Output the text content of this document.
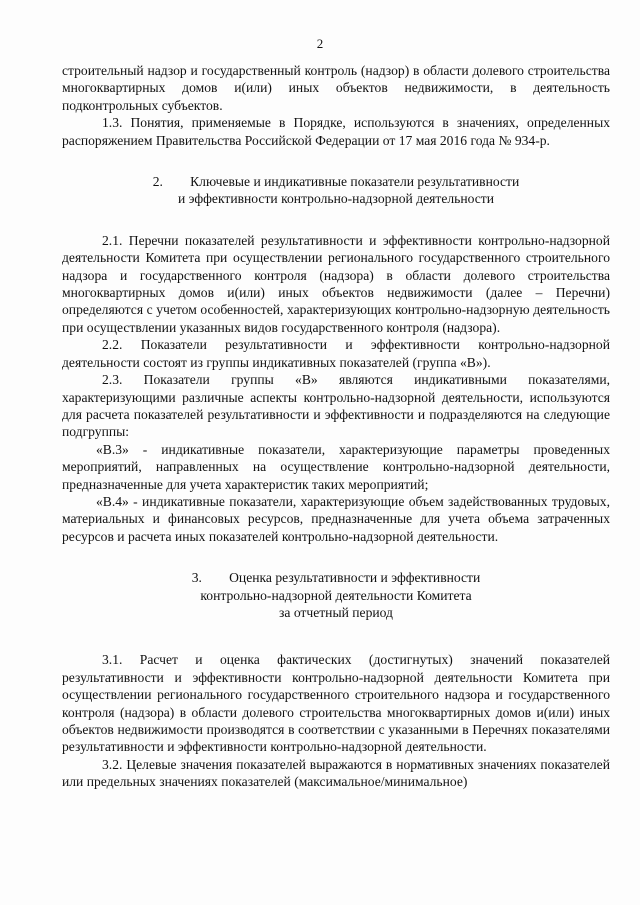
2

строительный надзор и государственный контроль (надзор) в области долевого строительства многоквартирных домов и(или) иных объектов недвижимости, в деятельность подконтрольных субъектов.

1.3. Понятия, применяемые в Порядке, используются в значениях, определенных распоряжением Правительства Российской Федерации от 17 мая 2016 года № 934-р.

2.        Ключевые и индикативные показатели результативности

и эффективности контрольно-надзорной деятельности

2.1. Перечни показателей результативности и эффективности контрольно-надзорной деятельности Комитета при осуществлении регионального государственного строительного надзора и государственного контроля (надзора) в области долевого строительства многоквартирных домов и(или) иных объектов недвижимости (далее – Перечни) определяются с учетом особенностей, характеризующих контрольно-надзорную деятельность при осуществлении указанных видов государственного контроля (надзора).

2.2. Показатели результативности и эффективности контрольно-надзорной деятельности состоят из группы индикативных показателей (группа «В»).

2.3. Показатели группы «В» являются индикативными показателями, характеризующими различные аспекты контрольно-надзорной деятельности, используются для расчета показателей результативности и эффективности и подразделяются на следующие подгруппы:

«В.3» - индикативные показатели, характеризующие параметры проведенных мероприятий, направленных на осуществление контрольно-надзорной деятельности, предназначенные для учета характеристик таких мероприятий;

«В.4» - индикативные показатели, характеризующие объем задействованных трудовых, материальных и финансовых ресурсов, предназначенные для учета объема затраченных ресурсов и расчета иных показателей контрольно-надзорной деятельности.

3.        Оценка результативности и эффективности

контрольно-надзорной деятельности Комитета

за отчетный период

3.1. Расчет и оценка фактических (достигнутых) значений показателей результативности и эффективности контрольно-надзорной деятельности Комитета при осуществлении регионального государственного строительного надзора и государственного контроля (надзора) в области долевого строительства многоквартирных домов и(или) иных объектов недвижимости производятся в соответствии с указанными в Перечнях показателями результативности и эффективности контрольно-надзорной деятельности.

3.2. Целевые значения показателей выражаются в нормативных значениях показателей или предельных значениях показателей (максимальное/минимальное)
